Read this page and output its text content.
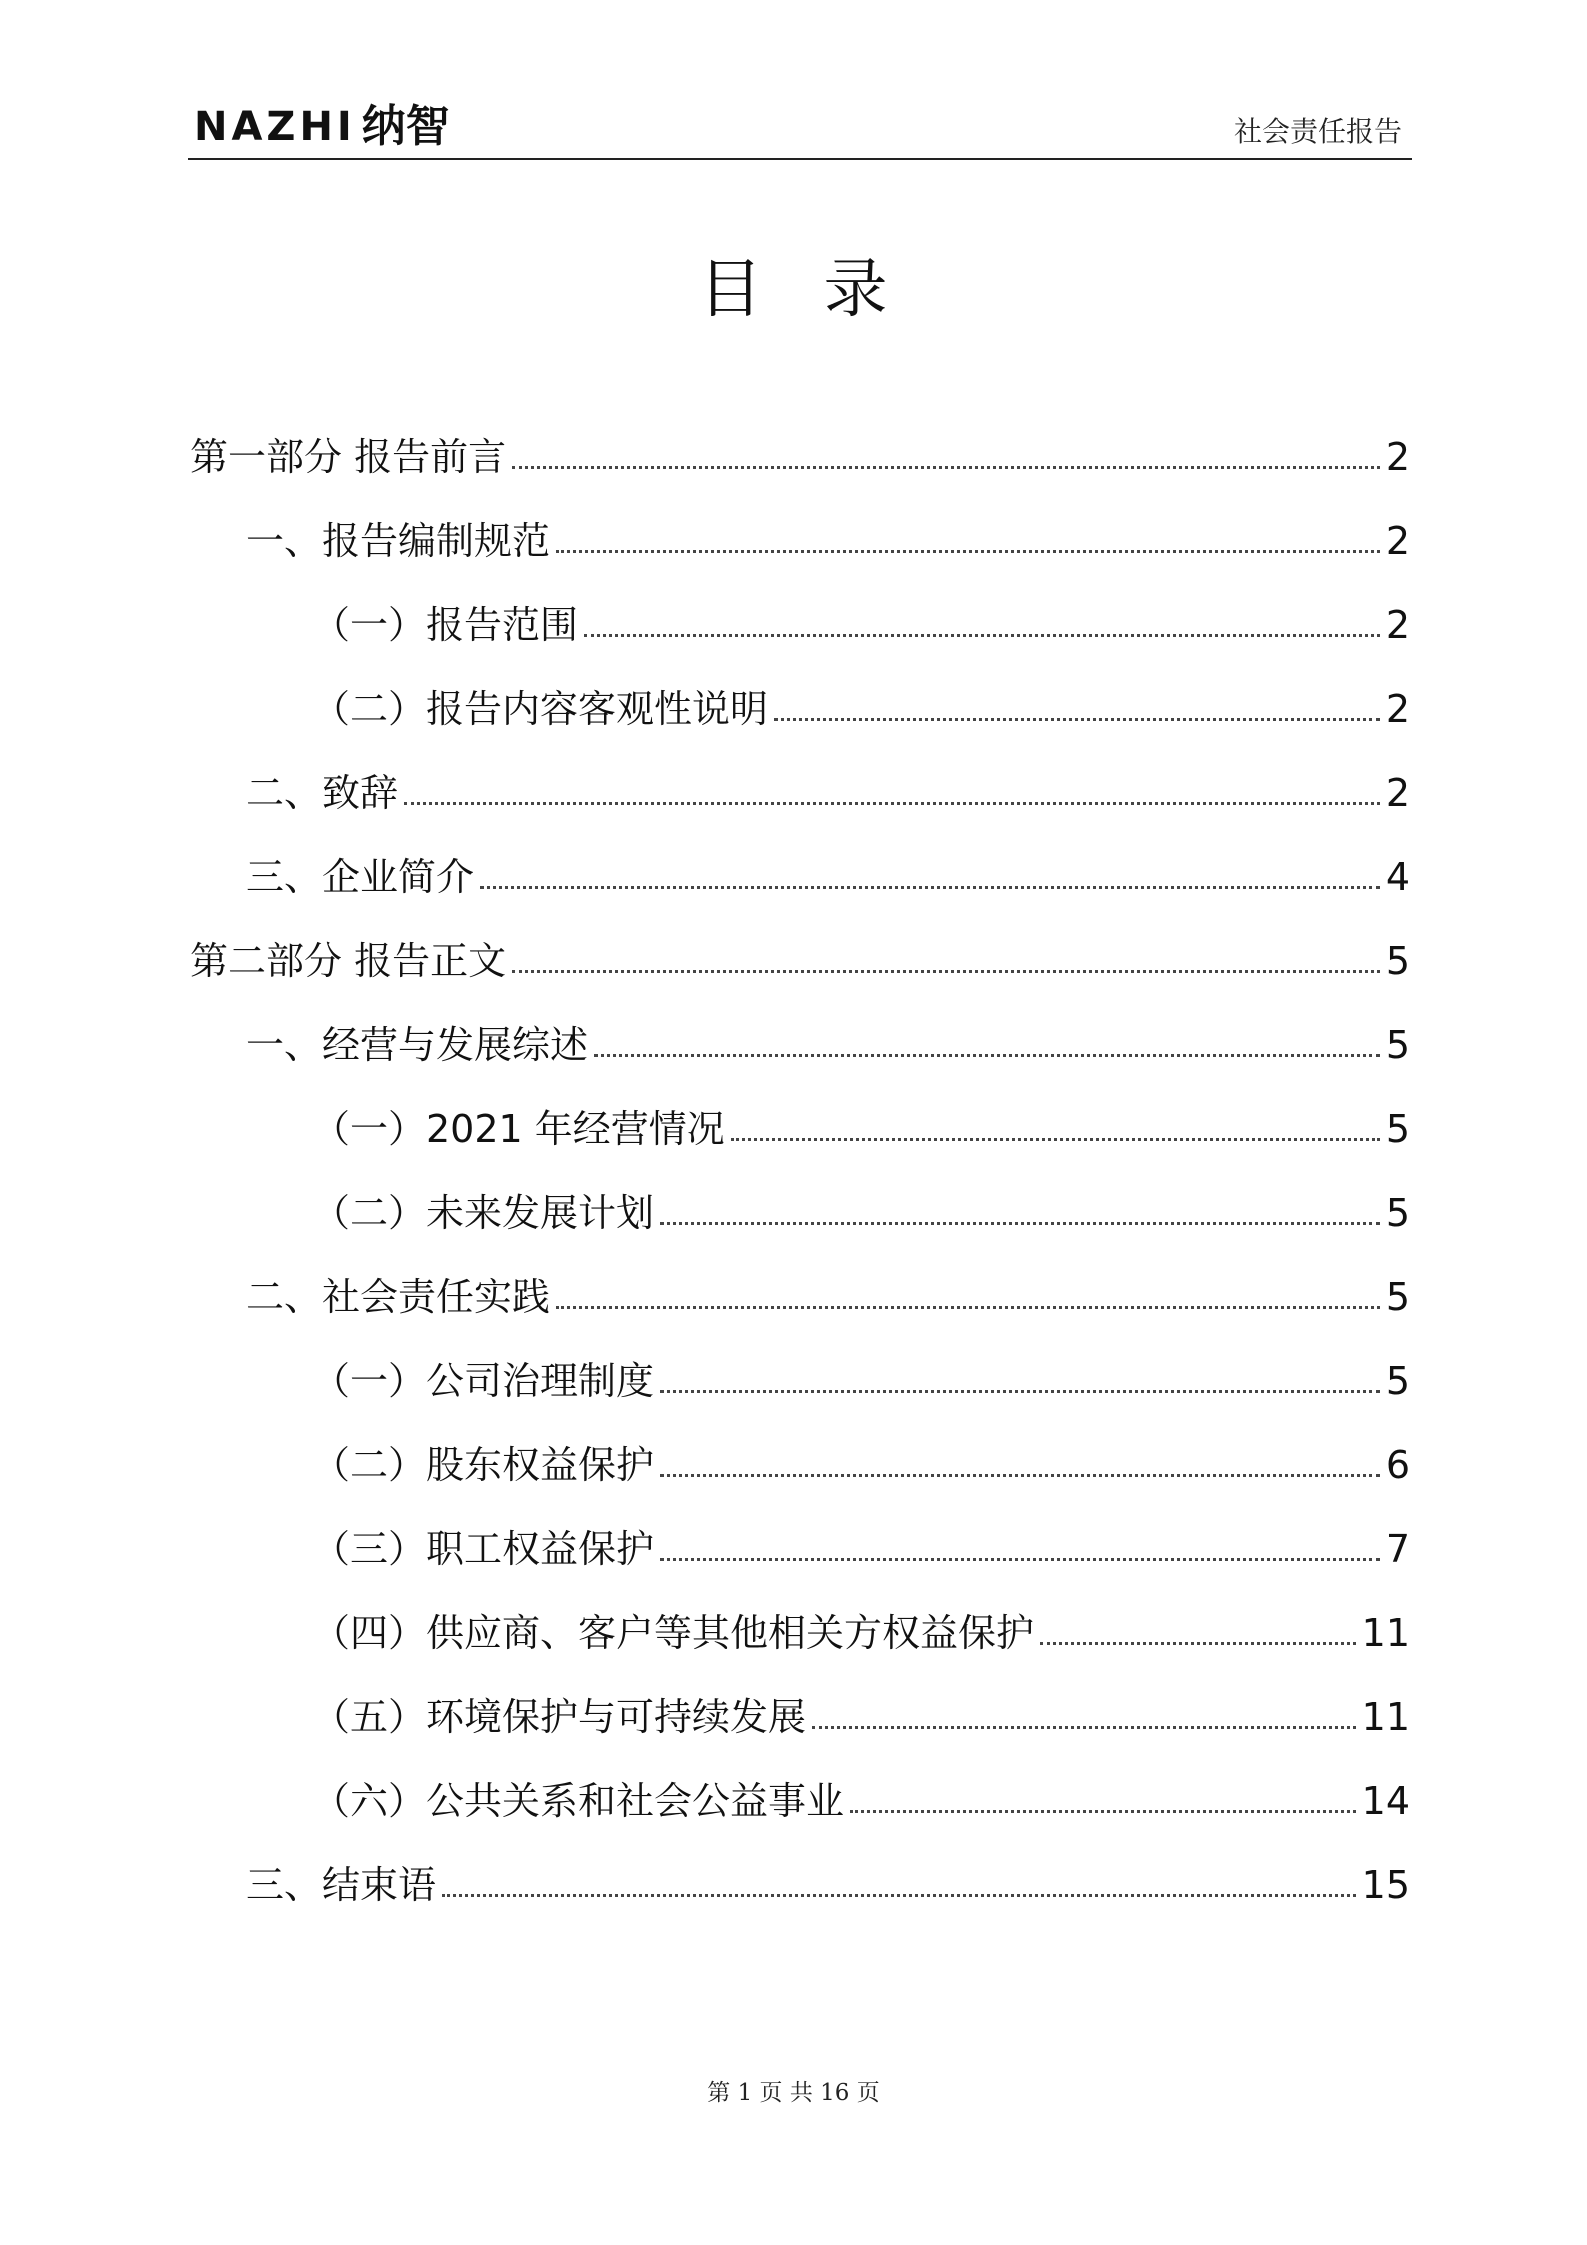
NAZHI 纳智	社会责任报告
目 录
第一部分 报告前言	2
一、报告编制规范	2
（一）报告范围	2
（二）报告内容客观性说明	2
二、致辞	2
三、企业简介	4
第二部分 报告正文	5
一、经营与发展综述	5
（一）2021 年经营情况	5
（二）未来发展计划	5
二、社会责任实践	5
（一）公司治理制度	5
（二）股东权益保护	6
（三）职工权益保护	7
（四）供应商、客户等其他相关方权益保护	11
（五）环境保护与可持续发展	11
（六）公共关系和社会公益事业	14
三、结束语	15
第 1 页 共 16 页
